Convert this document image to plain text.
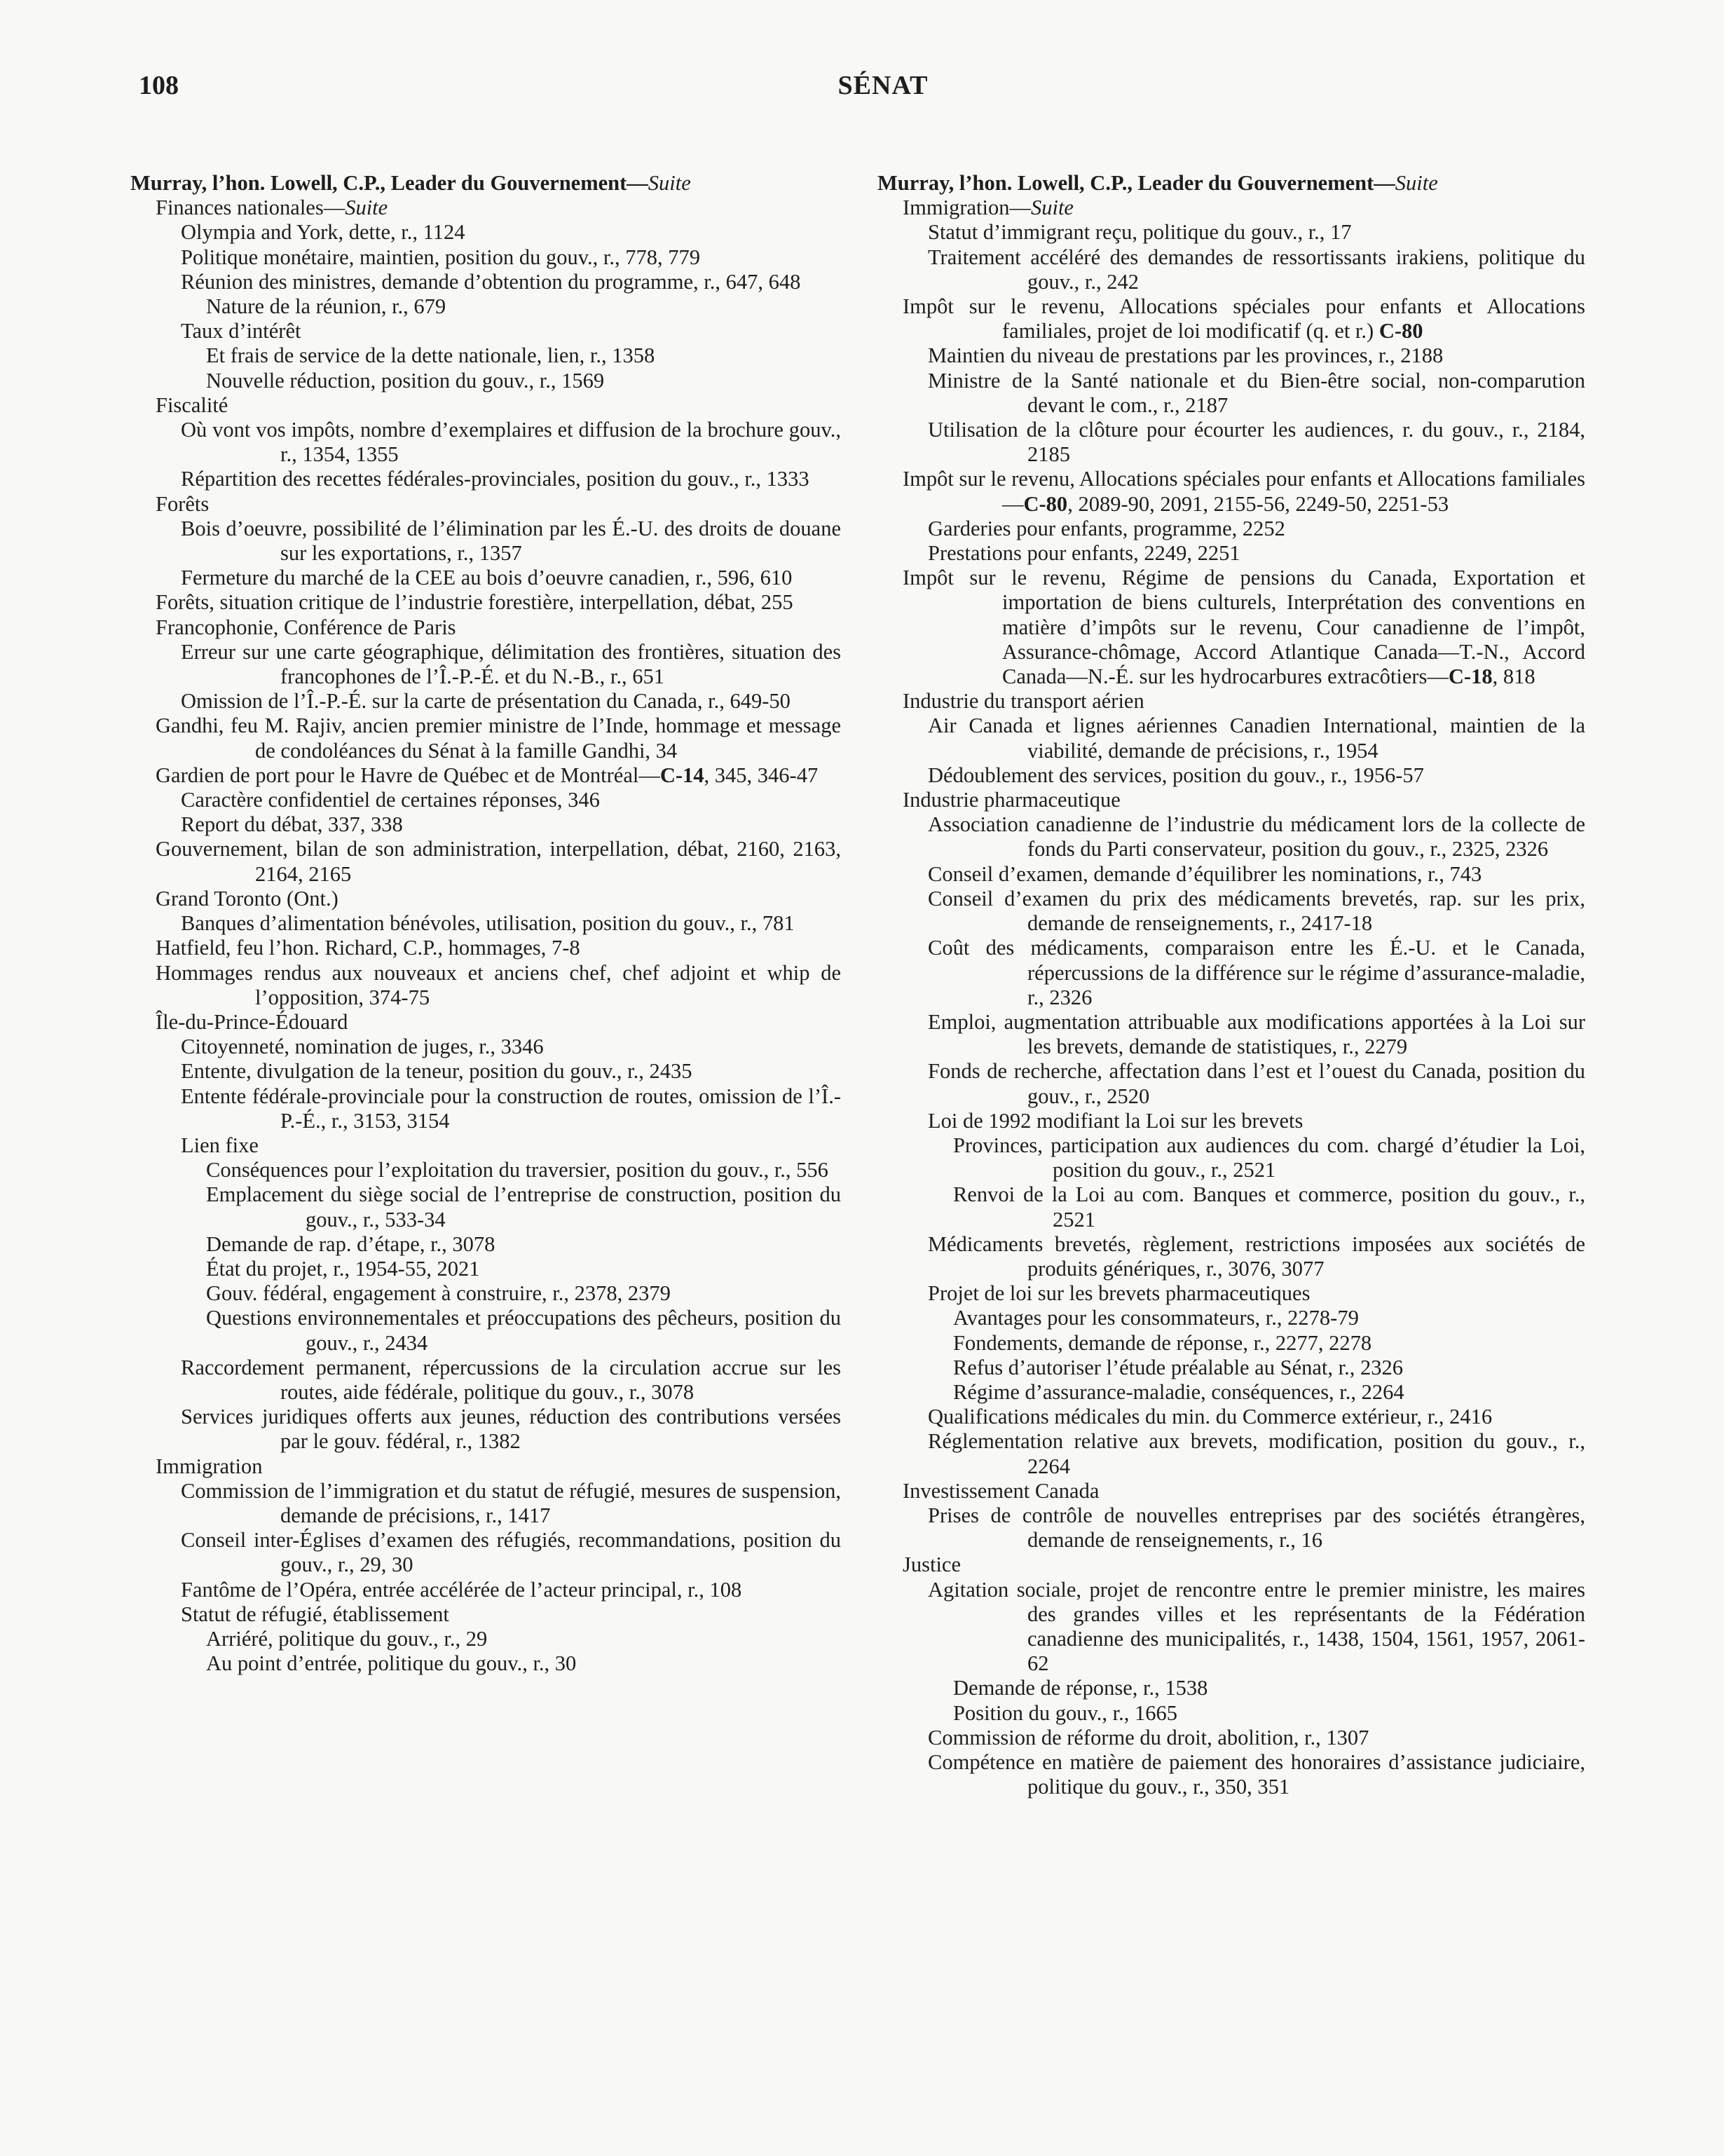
108	SÉNAT
Murray, l’hon. Lowell, C.P., Leader du Gouvernement—Suite
Finances nationales—Suite
Olympia and York, dette, r., 1124
Politique monétaire, maintien, position du gouv., r., 778, 779
Réunion des ministres, demande d’obtention du programme, r., 647, 648
Nature de la réunion, r., 679
Taux d’intérêt
Et frais de service de la dette nationale, lien, r., 1358
Nouvelle réduction, position du gouv., r., 1569
Fiscalité
Où vont vos impôts, nombre d’exemplaires et diffusion de la brochure gouv., r., 1354, 1355
Répartition des recettes fédérales-provinciales, position du gouv., r., 1333
Forêts
Bois d’oeuvre, possibilité de l’élimination par les É.-U. des droits de douane sur les exportations, r., 1357
Fermeture du marché de la CEE au bois d’oeuvre canadien, r., 596, 610
Forêts, situation critique de l’industrie forestière, interpellation, débat, 255
Francophonie, Conférence de Paris
Erreur sur une carte géographique, délimitation des frontières, situation des francophones de l’Î.-P.-É. et du N.-B., r., 651
Omission de l’Î.-P.-É. sur la carte de présentation du Canada, r., 649-50
Gandhi, feu M. Rajiv, ancien premier ministre de l’Inde, hommage et message de condoléances du Sénat à la famille Gandhi, 34
Gardien de port pour le Havre de Québec et de Montréal—C-14, 345, 346-47
Caractère confidentiel de certaines réponses, 346
Report du débat, 337, 338
Gouvernement, bilan de son administration, interpellation, débat, 2160, 2163, 2164, 2165
Grand Toronto (Ont.)
Banques d’alimentation bénévoles, utilisation, position du gouv., r., 781
Hatfield, feu l’hon. Richard, C.P., hommages, 7-8
Hommages rendus aux nouveaux et anciens chef, chef adjoint et whip de l’opposition, 374-75
Île-du-Prince-Édouard
Citoyenneté, nomination de juges, r., 3346
Entente, divulgation de la teneur, position du gouv., r., 2435
Entente fédérale-provinciale pour la construction de routes, omission de l’Î.-P.-É., r., 3153, 3154
Lien fixe
Conséquences pour l’exploitation du traversier, position du gouv., r., 556
Emplacement du siège social de l’entreprise de construction, position du gouv., r., 533-34
Demande de rap. d’étape, r., 3078
État du projet, r., 1954-55, 2021
Gouv. fédéral, engagement à construire, r., 2378, 2379
Questions environnementales et préoccupations des pêcheurs, position du gouv., r., 2434
Raccordement permanent, répercussions de la circulation accrue sur les routes, aide fédérale, politique du gouv., r., 3078
Services juridiques offerts aux jeunes, réduction des contributions versées par le gouv. fédéral, r., 1382
Immigration
Commission de l’immigration et du statut de réfugié, mesures de suspension, demande de précisions, r., 1417
Conseil inter-Églises d’examen des réfugiés, recommandations, position du gouv., r., 29, 30
Fantôme de l’Opéra, entrée accélérée de l’acteur principal, r., 108
Statut de réfugié, établissement
Arriéré, politique du gouv., r., 29
Au point d’entrée, politique du gouv., r., 30
Murray, l’hon. Lowell, C.P., Leader du Gouvernement—Suite
Immigration—Suite
Statut d’immigrant reçu, politique du gouv., r., 17
Traitement accéléré des demandes de ressortissants irakiens, politique du gouv., r., 242
Impôt sur le revenu, Allocations spéciales pour enfants et Allocations familiales, projet de loi modificatif (q. et r.) C-80
Maintien du niveau de prestations par les provinces, r., 2188
Ministre de la Santé nationale et du Bien-être social, non-comparution devant le com., r., 2187
Utilisation de la clôture pour écourter les audiences, r. du gouv., r., 2184, 2185
Impôt sur le revenu, Allocations spéciales pour enfants et Allocations familiales—C-80, 2089-90, 2091, 2155-56, 2249-50, 2251-53
Garderies pour enfants, programme, 2252
Prestations pour enfants, 2249, 2251
Impôt sur le revenu, Régime de pensions du Canada, Exportation et importation de biens culturels, Interprétation des conventions en matière d’impôts sur le revenu, Cour canadienne de l’impôt, Assurance-chômage, Accord Atlantique Canada—T.-N., Accord Canada—N.-É. sur les hydrocarbures extracôtiers—C-18, 818
Industrie du transport aérien
Air Canada et lignes aériennes Canadien International, maintien de la viabilité, demande de précisions, r., 1954
Dédoublement des services, position du gouv., r., 1956-57
Industrie pharmaceutique
Association canadienne de l’industrie du médicament lors de la collecte de fonds du Parti conservateur, position du gouv., r., 2325, 2326
Conseil d’examen, demande d’équilibrer les nominations, r., 743
Conseil d’examen du prix des médicaments brevetés, rap. sur les prix, demande de renseignements, r., 2417-18
Coût des médicaments, comparaison entre les É.-U. et le Canada, répercussions de la différence sur le régime d’assurance-maladie, r., 2326
Emploi, augmentation attribuable aux modifications apportées à la Loi sur les brevets, demande de statistiques, r., 2279
Fonds de recherche, affectation dans l’est et l’ouest du Canada, position du gouv., r., 2520
Loi de 1992 modifiant la Loi sur les brevets
Provinces, participation aux audiences du com. chargé d’étudier la Loi, position du gouv., r., 2521
Renvoi de la Loi au com. Banques et commerce, position du gouv., r., 2521
Médicaments brevetés, règlement, restrictions imposées aux sociétés de produits génériques, r., 3076, 3077
Projet de loi sur les brevets pharmaceutiques
Avantages pour les consommateurs, r., 2278-79
Fondements, demande de réponse, r., 2277, 2278
Refus d’autoriser l’étude préalable au Sénat, r., 2326
Régime d’assurance-maladie, conséquences, r., 2264
Qualifications médicales du min. du Commerce extérieur, r., 2416
Réglementation relative aux brevets, modification, position du gouv., r., 2264
Investissement Canada
Prises de contrôle de nouvelles entreprises par des sociétés étrangères, demande de renseignements, r., 16
Justice
Agitation sociale, projet de rencontre entre le premier ministre, les maires des grandes villes et les représentants de la Fédération canadienne des municipalités, r., 1438, 1504, 1561, 1957, 2061-62
Demande de réponse, r., 1538
Position du gouv., r., 1665
Commission de réforme du droit, abolition, r., 1307
Compétence en matière de paiement des honoraires d’assistance judiciaire, politique du gouv., r., 350, 351
